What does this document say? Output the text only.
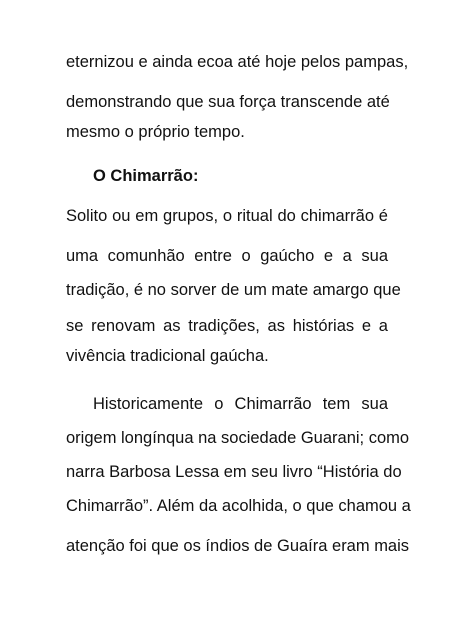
eternizou e ainda ecoa até hoje pelos pampas,
demonstrando que sua força transcende até
mesmo o próprio tempo.
O Chimarrão:
Solito ou em grupos, o ritual do chimarrão é
uma comunhão entre o gaúcho e a sua
tradição, é no sorver de um mate amargo que
se renovam as tradições, as histórias e a
vivência tradicional gaúcha.
Historicamente o Chimarrão tem sua
origem longínqua na sociedade Guarani; como
narra Barbosa Lessa em seu livro “História do
Chimarrão”. Além da acolhida, o que chamou a
atenção foi que os índios de Guaíra eram mais
